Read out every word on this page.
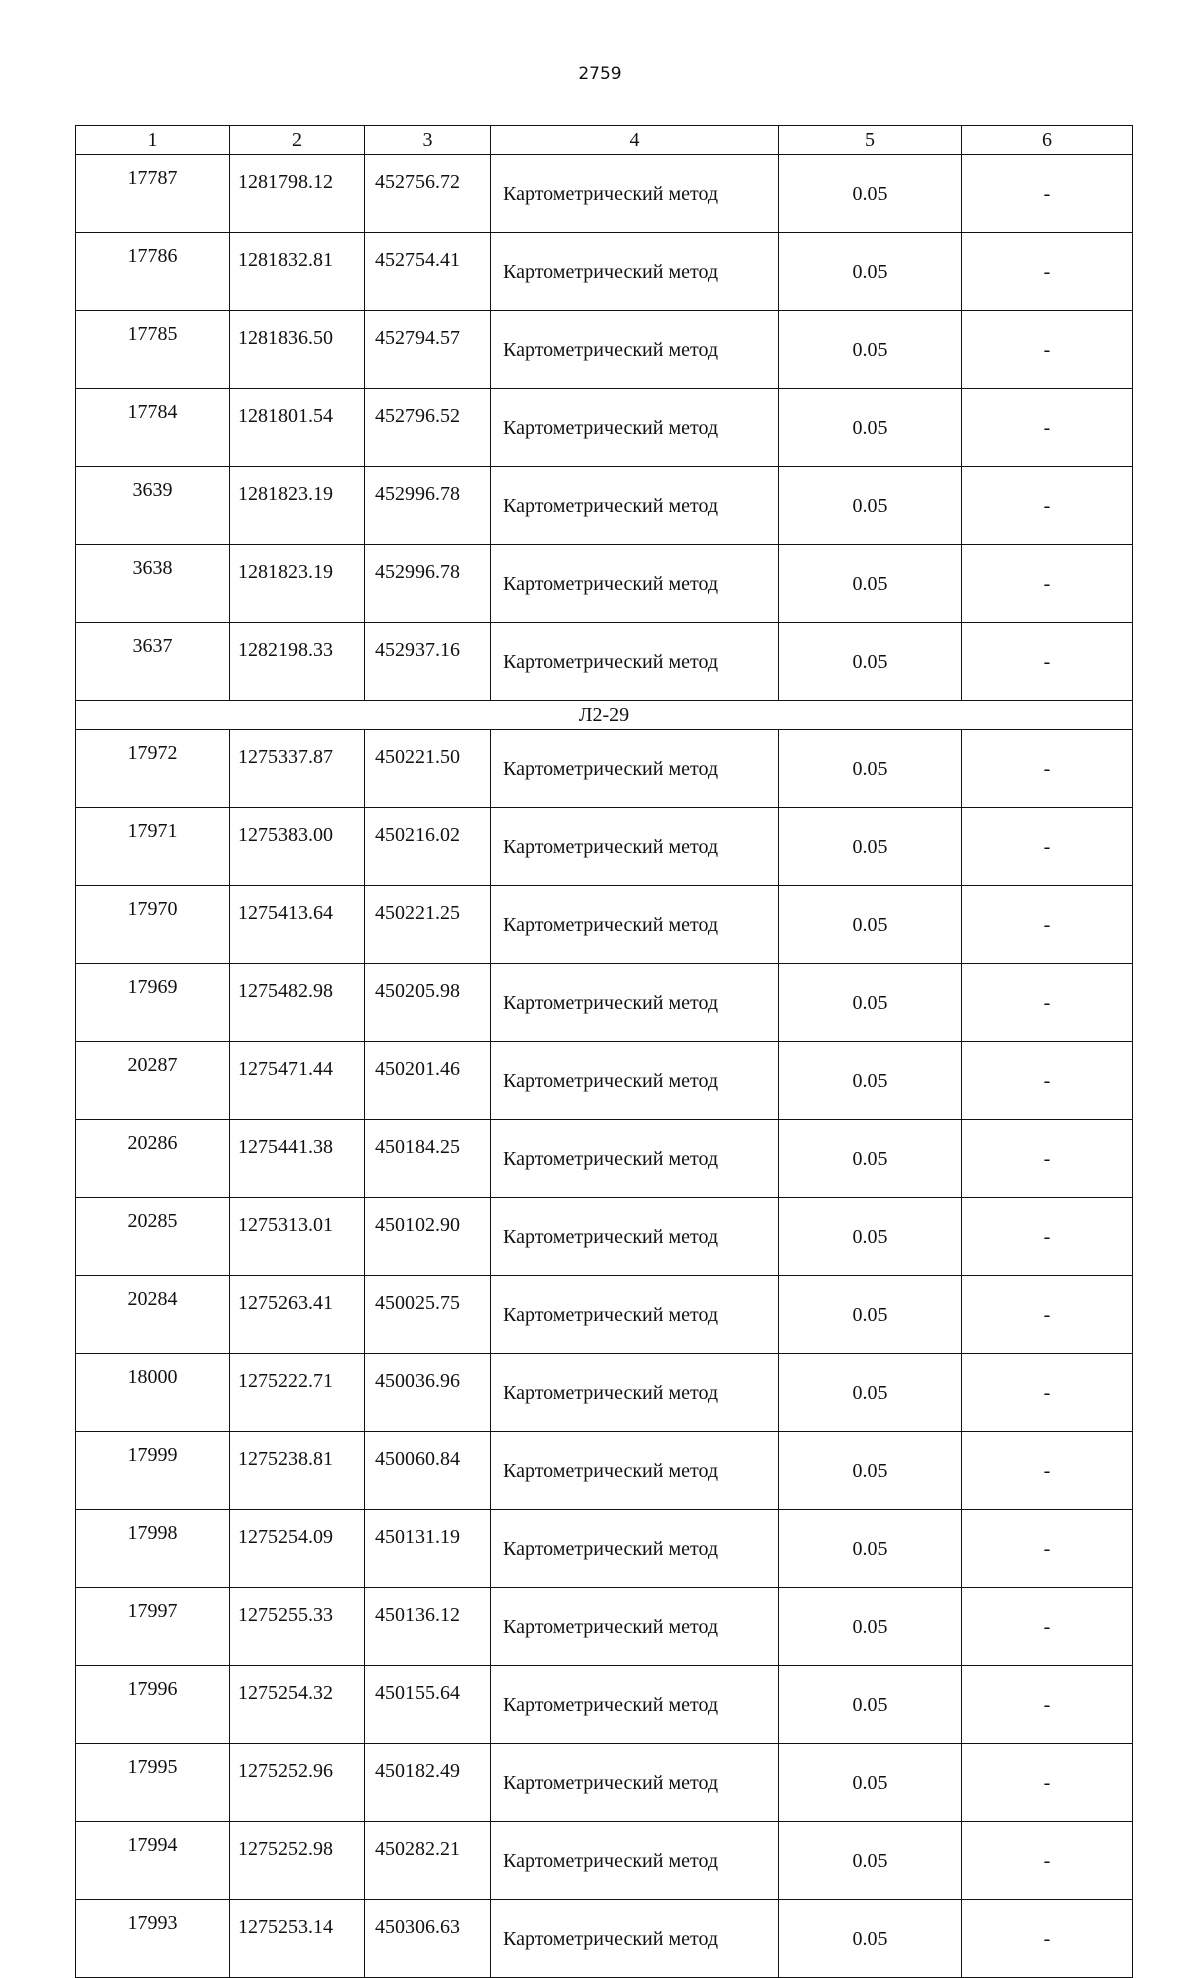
2759
1	2	3	4	5	6
17787	1281798.12	452756.72	Картометрический метод	0.05	-
17786	1281832.81	452754.41	Картометрический метод	0.05	-
17785	1281836.50	452794.57	Картометрический метод	0.05	-
17784	1281801.54	452796.52	Картометрический метод	0.05	-
3639	1281823.19	452996.78	Картометрический метод	0.05	-
3638	1281823.19	452996.78	Картометрический метод	0.05	-
3637	1282198.33	452937.16	Картометрический метод	0.05	-
Л2-29					
17972	1275337.87	450221.50	Картометрический метод	0.05	-
17971	1275383.00	450216.02	Картометрический метод	0.05	-
17970	1275413.64	450221.25	Картометрический метод	0.05	-
17969	1275482.98	450205.98	Картометрический метод	0.05	-
20287	1275471.44	450201.46	Картометрический метод	0.05	-
20286	1275441.38	450184.25	Картометрический метод	0.05	-
20285	1275313.01	450102.90	Картометрический метод	0.05	-
20284	1275263.41	450025.75	Картометрический метод	0.05	-
18000	1275222.71	450036.96	Картометрический метод	0.05	-
17999	1275238.81	450060.84	Картометрический метод	0.05	-
17998	1275254.09	450131.19	Картометрический метод	0.05	-
17997	1275255.33	450136.12	Картометрический метод	0.05	-
17996	1275254.32	450155.64	Картометрический метод	0.05	-
17995	1275252.96	450182.49	Картометрический метод	0.05	-
17994	1275252.98	450282.21	Картометрический метод	0.05	-
17993	1275253.14	450306.63	Картометрический метод	0.05	-
